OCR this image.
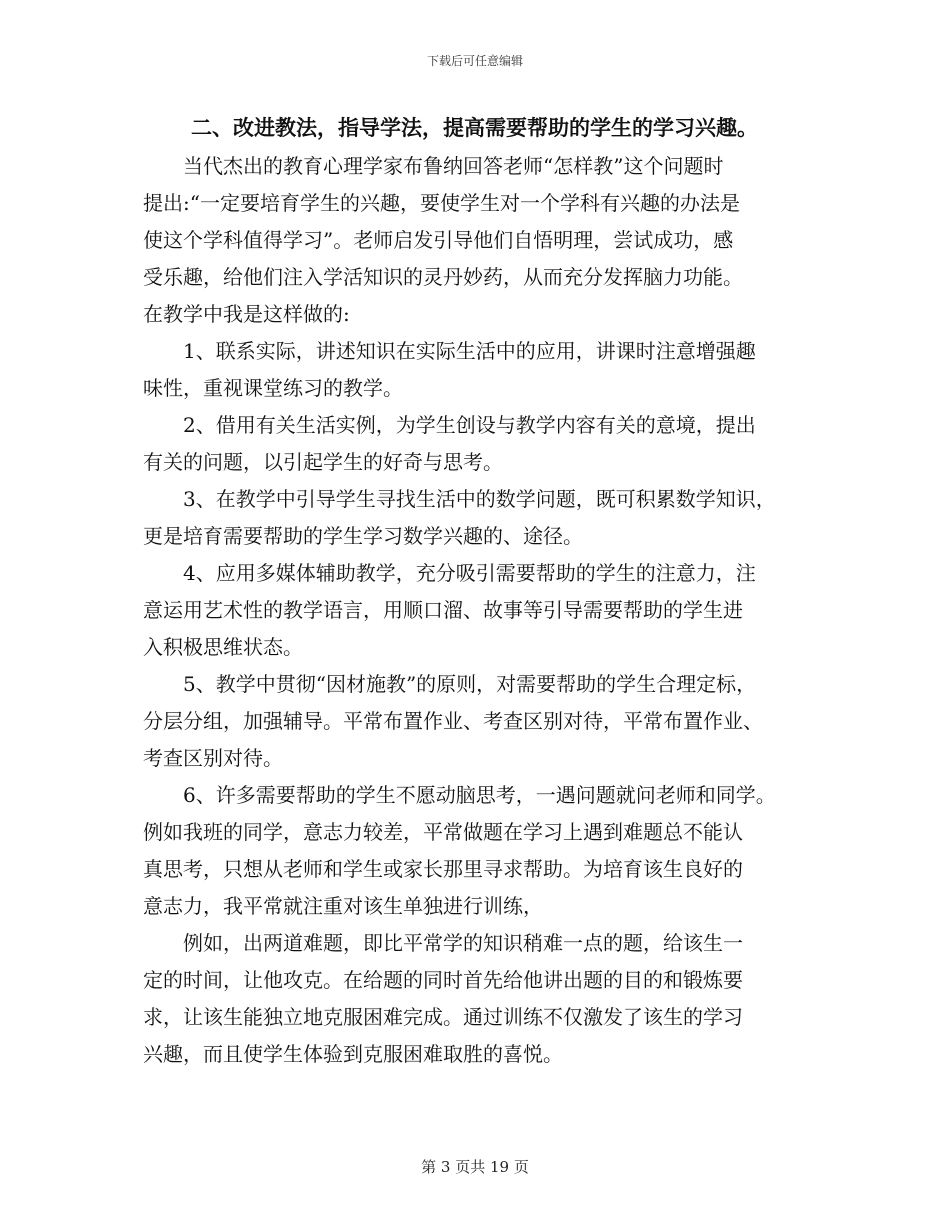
下载后可任意编辑
二、改进教法，指导学法，提高需要帮助的学生的学习兴趣。

　　当代杰出的教育心理学家布鲁纳回答老师“怎样教”这个问题时
提出:“一定要培育学生的兴趣，要使学生对一个学科有兴趣的办法是
使这个学科值得学习”。老师启发引导他们自悟明理，尝试成功，感
受乐趣，给他们注入学活知识的灵丹妙药，从而充分发挥脑力功能。
在教学中我是这样做的:

　　1、联系实际，讲述知识在实际生活中的应用，讲课时注意增强趣
味性，重视课堂练习的教学。

　　2、借用有关生活实例，为学生创设与教学内容有关的意境，提出
有关的问题，以引起学生的好奇与思考。

　　3、在教学中引导学生寻找生活中的数学问题，既可积累数学知识，
更是培育需要帮助的学生学习数学兴趣的、途径。

　　4、应用多媒体辅助教学，充分吸引需要帮助的学生的注意力，注
意运用艺术性的教学语言，用顺口溜、故事等引导需要帮助的学生进
入积极思维状态。

　　5、教学中贯彻“因材施教”的原则，对需要帮助的学生合理定标，
分层分组，加强辅导。平常布置作业、考查区别对待，平常布置作业、
考查区别对待。

　　6、许多需要帮助的学生不愿动脑思考，一遇问题就问老师和同学。
例如我班的同学，意志力较差，平常做题在学习上遇到难题总不能认
真思考，只想从老师和学生或家长那里寻求帮助。为培育该生良好的
意志力，我平常就注重对该生单独进行训练，

　　例如，出两道难题，即比平常学的知识稍难一点的题，给该生一
定的时间，让他攻克。在给题的同时首先给他讲出题的目的和锻炼要
求，让该生能独立地克服困难完成。通过训练不仅激发了该生的学习
兴趣，而且使学生体验到克服困难取胜的喜悦。

第 3 页共 19 页
